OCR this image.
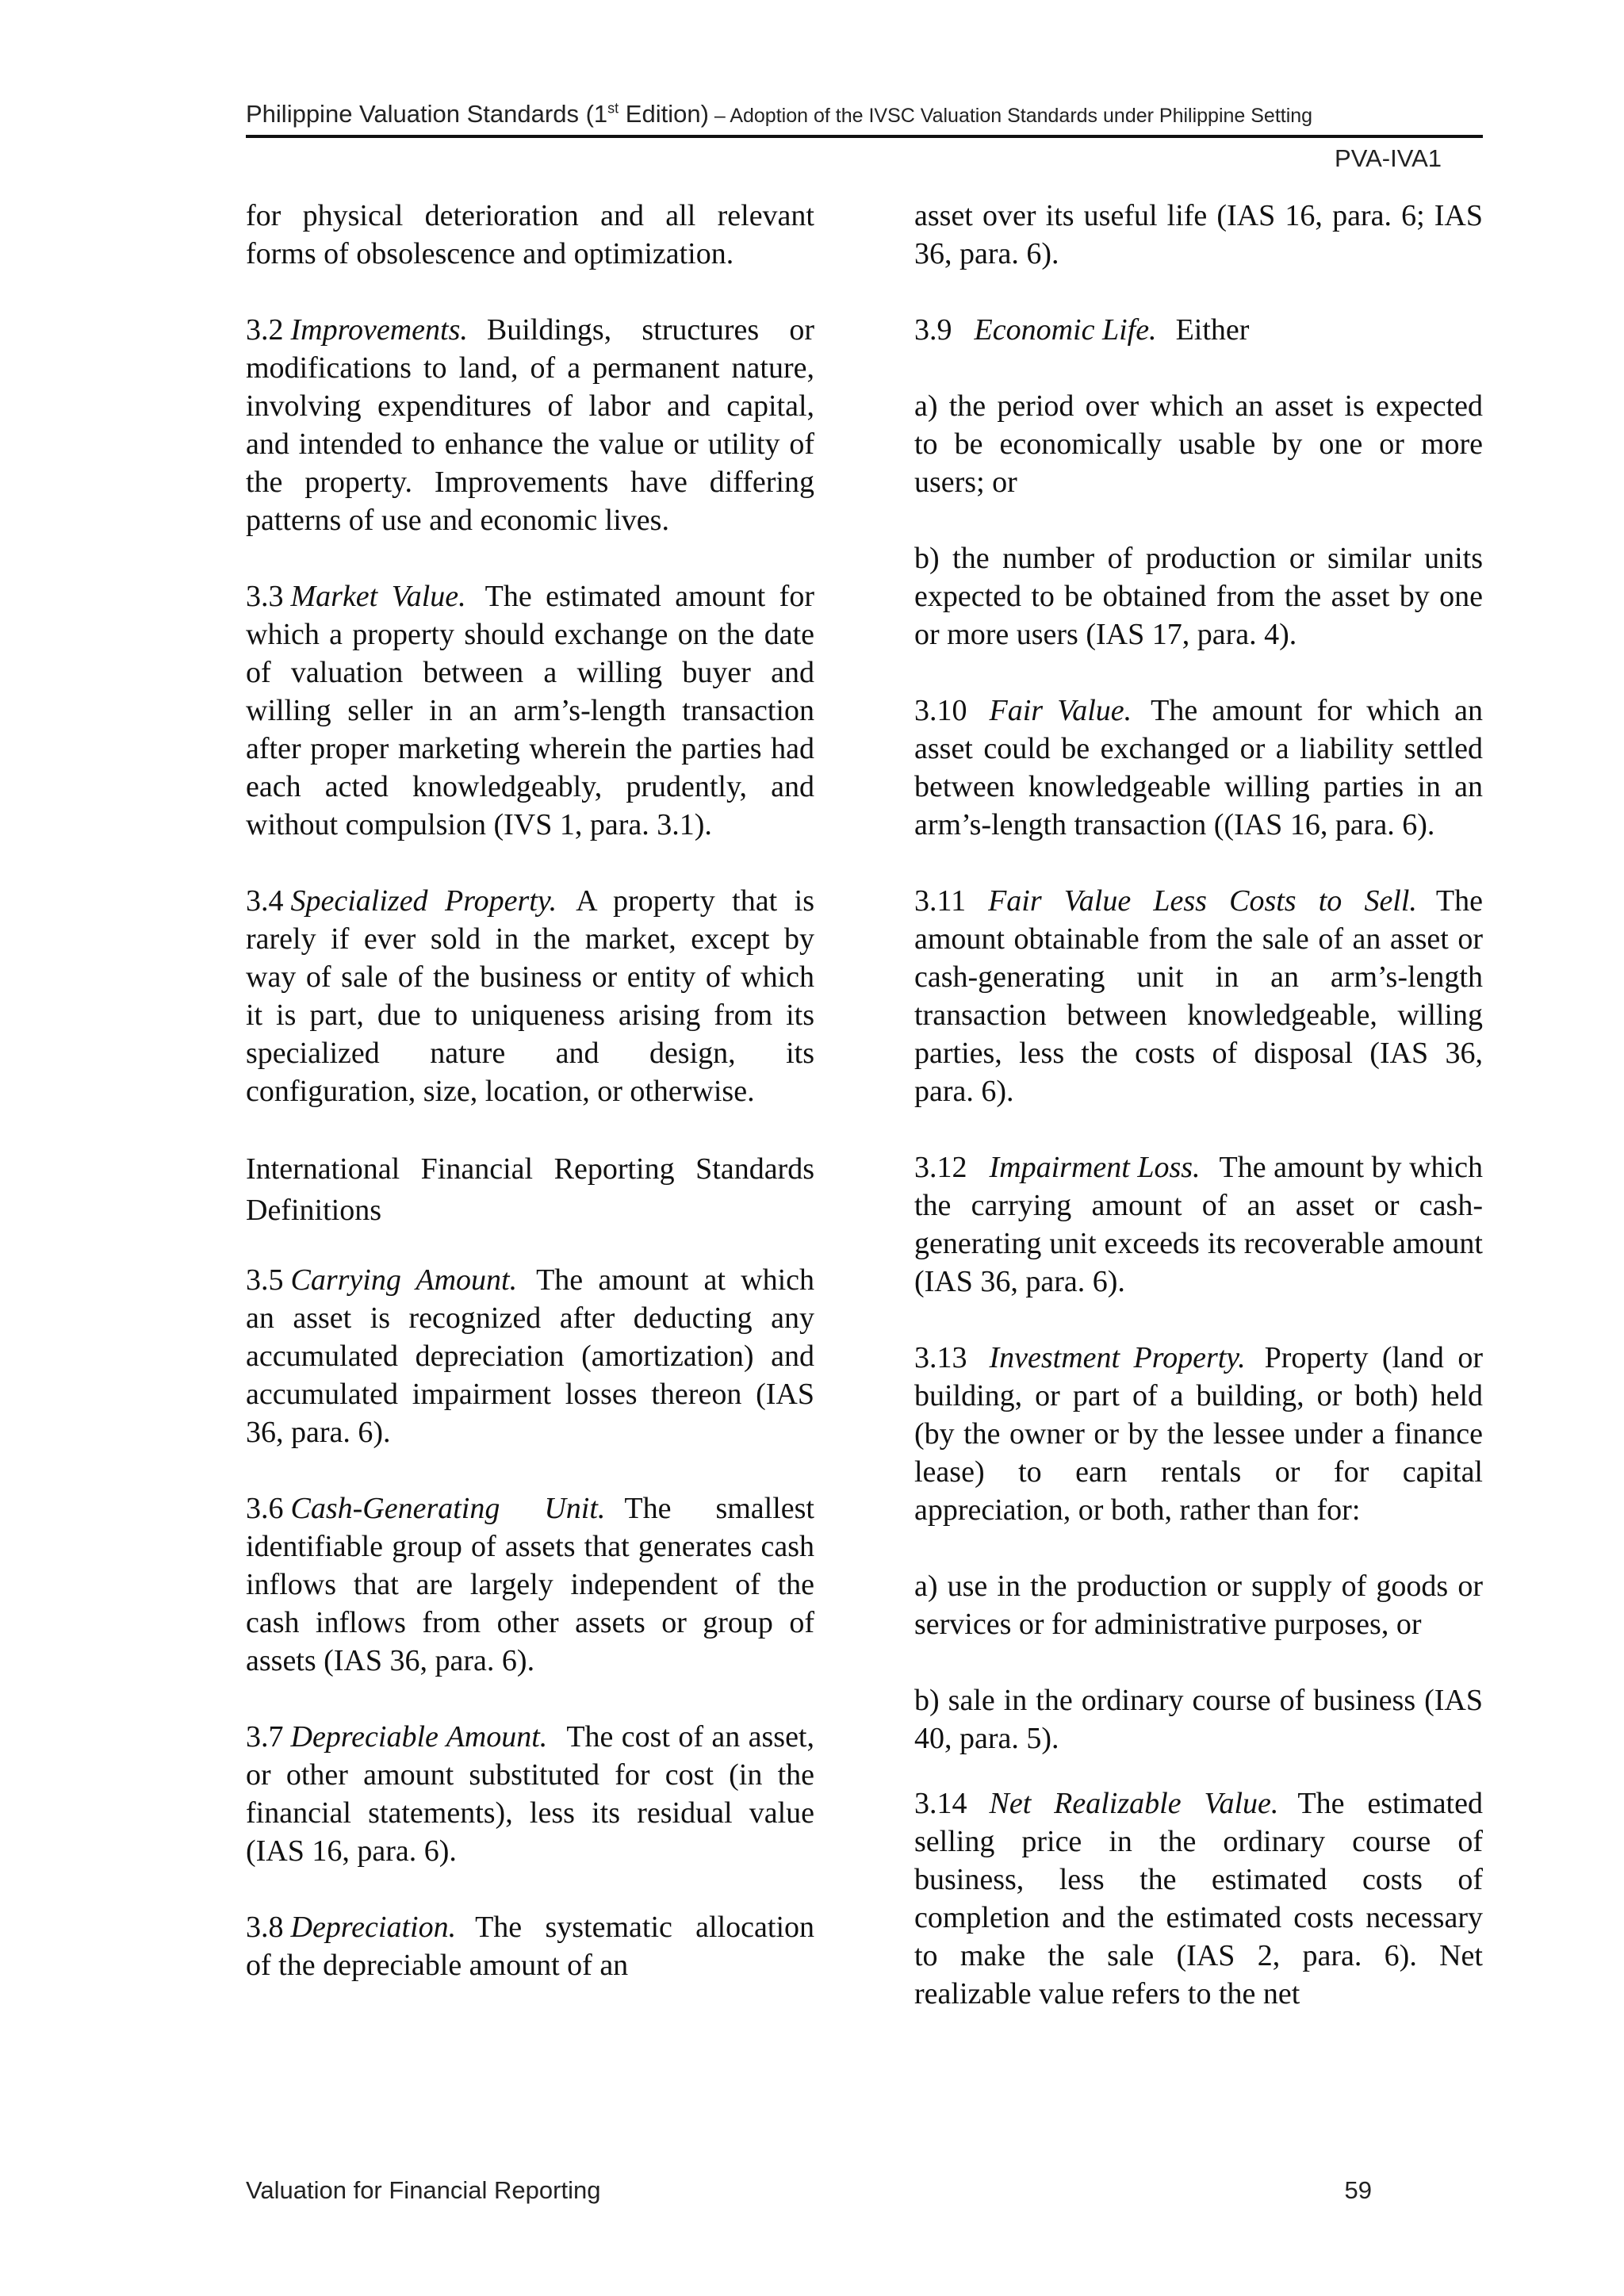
Philippine Valuation Standards (1st Edition) – Adoption of the IVSC Valuation Standards under Philippine Setting
PVA-IVA1

for physical deterioration and all relevant forms of obsolescence and optimization.

3.2 Improvements. Buildings, structures or modifications to land, of a permanent nature, involving expenditures of labor and capital, and intended to enhance the value or utility of the property. Improvements have differing patterns of use and economic lives.

3.3 Market Value. The estimated amount for which a property should exchange on the date of valuation between a willing buyer and willing seller in an arm’s-length transaction after proper marketing wherein the parties had each acted knowledgeably, prudently, and without compulsion (IVS 1, para. 3.1).

3.4 Specialized Property. A property that is rarely if ever sold in the market, except by way of sale of the business or entity of which it is part, due to uniqueness arising from its specialized nature and design, its configuration, size, location, or otherwise.

International Financial Reporting Standards Definitions

3.5 Carrying Amount. The amount at which an asset is recognized after deducting any accumulated depreciation (amortization) and accumulated impairment losses thereon (IAS 36, para. 6).

3.6 Cash-Generating Unit. The smallest identifiable group of assets that generates cash inflows that are largely independent of the cash inflows from other assets or group of assets (IAS 36, para. 6).

3.7 Depreciable Amount. The cost of an asset, or other amount substituted for cost (in the financial statements), less its residual value (IAS 16, para. 6).

3.8 Depreciation. The systematic allocation of the depreciable amount of an

asset over its useful life (IAS 16, para. 6; IAS 36, para. 6).

3.9 Economic Life. Either

a) the period over which an asset is expected to be economically usable by one or more users; or

b) the number of production or similar units expected to be obtained from the asset by one or more users (IAS 17, para. 4).

3.10 Fair Value. The amount for which an asset could be exchanged or a liability settled between knowledgeable willing parties in an arm’s-length transaction ((IAS 16, para. 6).

3.11 Fair Value Less Costs to Sell. The amount obtainable from the sale of an asset or cash-generating unit in an arm’s-length transaction between knowledgeable, willing parties, less the costs of disposal (IAS 36, para. 6).

3.12 Impairment Loss. The amount by which the carrying amount of an asset or cash-generating unit exceeds its recoverable amount (IAS 36, para. 6).

3.13 Investment Property. Property (land or building, or part of a building, or both) held (by the owner or by the lessee under a finance lease) to earn rentals or for capital appreciation, or both, rather than for:

a) use in the production or supply of goods or services or for administrative purposes, or

b) sale in the ordinary course of business (IAS 40, para. 5).

3.14 Net Realizable Value. The estimated selling price in the ordinary course of business, less the estimated costs of completion and the estimated costs necessary to make the sale (IAS 2, para. 6). Net realizable value refers to the net

Valuation for Financial Reporting	59
